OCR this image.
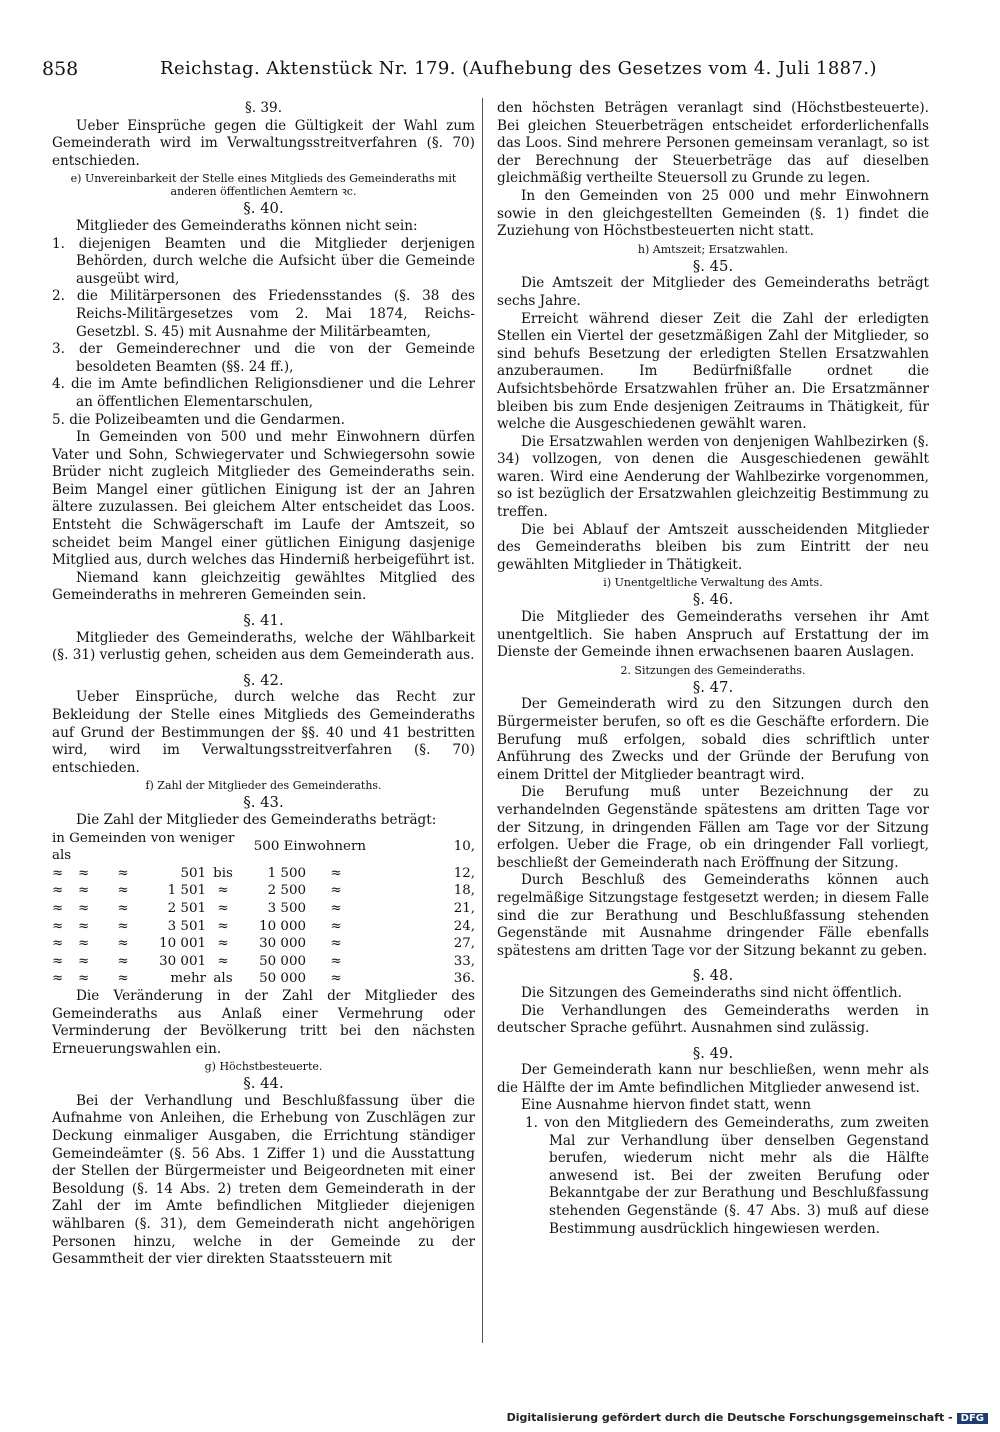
858	Reichstag. Aktenstück Nr. 179. (Aufhebung des Gesetzes vom 4. Juli 1887.)

§. 39.

Ueber Einsprüche gegen die Gültigkeit der Wahl zum Gemeinderath wird im Verwaltungsstreitverfahren (§. 70) entschieden.

e) Unvereinbarkeit der Stelle eines Mitglieds des Gemeinderaths mit anderen öffentlichen Aemtern ꝛc.

§. 40.

Mitglieder des Gemeinderaths können nicht sein:

1. diejenigen Beamten und die Mitglieder derjenigen Behörden, durch welche die Aufsicht über die Gemeinde ausgeübt wird,

2. die Militärpersonen des Friedensstandes (§. 38 des Reichs-Militärgesetzes vom 2. Mai 1874, Reichs-Gesetzbl. S. 45) mit Ausnahme der Militärbeamten,

3. der Gemeinderechner und die von der Gemeinde besoldeten Beamten (§§. 24 ff.),

4. die im Amte befindlichen Religionsdiener und die Lehrer an öffentlichen Elementarschulen,

5. die Polizeibeamten und die Gendarmen.

In Gemeinden von 500 und mehr Einwohnern dürfen Vater und Sohn, Schwiegervater und Schwiegersohn sowie Brüder nicht zugleich Mitglieder des Gemeinderaths sein. Beim Mangel einer gütlichen Einigung ist der an Jahren ältere zuzulassen. Bei gleichem Alter entscheidet das Loos. Entsteht die Schwägerschaft im Laufe der Amtszeit, so scheidet beim Mangel einer gütlichen Einigung dasjenige Mitglied aus, durch welches das Hinderniß herbeigeführt ist.

Niemand kann gleichzeitig gewähltes Mitglied des Gemeinderaths in mehreren Gemeinden sein.

§. 41.

Mitglieder des Gemeinderaths, welche der Wählbarkeit (§. 31) verlustig gehen, scheiden aus dem Gemeinderath aus.

§. 42.

Ueber Einsprüche, durch welche das Recht zur Bekleidung der Stelle eines Mitglieds des Gemeinderaths auf Grund der Bestimmungen der §§. 40 und 41 bestritten wird, wird im Verwaltungsstreitverfahren (§. 70) entschieden.

f) Zahl der Mitglieder des Gemeinderaths.

§. 43.

Die Zahl der Mitglieder des Gemeinderaths beträgt:

in Gemeinden von weniger als					500 Einwohnern		10,
≈	≈	≈	501	bis	1 500	≈	12,
≈	≈	≈	1 501	≈	2 500	≈	18,
≈	≈	≈	2 501	≈	3 500	≈	21,
≈	≈	≈	3 501	≈	10 000	≈	24,
≈	≈	≈	10 001	≈	30 000	≈	27,
≈	≈	≈	30 001	≈	50 000	≈	33,
≈	≈	≈	mehr	als	50 000	≈	36.

Die Veränderung in der Zahl der Mitglieder des Gemeinderaths aus Anlaß einer Vermehrung oder Verminderung der Bevölkerung tritt bei den nächsten Erneuerungswahlen ein.

g) Höchstbesteuerte.

§. 44.

Bei der Verhandlung und Beschlußfassung über die Aufnahme von Anleihen, die Erhebung von Zuschlägen zur Deckung einmaliger Ausgaben, die Errichtung ständiger Gemeindeämter (§. 56 Abs. 1 Ziffer 1) und die Ausstattung der Stellen der Bürgermeister und Beigeordneten mit einer Besoldung (§. 14 Abs. 2) treten dem Gemeinderath in der Zahl der im Amte befindlichen Mitglieder diejenigen wählbaren (§. 31), dem Gemeinderath nicht angehörigen Personen hinzu, welche in der Gemeinde zu der Gesammtheit der vier direkten Staatssteuern mit

den höchsten Beträgen veranlagt sind (Höchstbesteuerte). Bei gleichen Steuerbeträgen entscheidet erforderlichenfalls das Loos. Sind mehrere Personen gemeinsam veranlagt, so ist der Berechnung der Steuerbeträge das auf dieselben gleichmäßig vertheilte Steuersoll zu Grunde zu legen.

In den Gemeinden von 25 000 und mehr Einwohnern sowie in den gleichgestellten Gemeinden (§. 1) findet die Zuziehung von Höchstbesteuerten nicht statt.

h) Amtszeit; Ersatzwahlen.

§. 45.

Die Amtszeit der Mitglieder des Gemeinderaths beträgt sechs Jahre.

Erreicht während dieser Zeit die Zahl der erledigten Stellen ein Viertel der gesetzmäßigen Zahl der Mitglieder, so sind behufs Besetzung der erledigten Stellen Ersatzwahlen anzuberaumen. Im Bedürfnißfalle ordnet die Aufsichtsbehörde Ersatzwahlen früher an. Die Ersatzmänner bleiben bis zum Ende desjenigen Zeitraums in Thätigkeit, für welche die Ausgeschiedenen gewählt waren.

Die Ersatzwahlen werden von denjenigen Wahlbezirken (§. 34) vollzogen, von denen die Ausgeschiedenen gewählt waren. Wird eine Aenderung der Wahlbezirke vorgenommen, so ist bezüglich der Ersatzwahlen gleichzeitig Bestimmung zu treffen.

Die bei Ablauf der Amtszeit ausscheidenden Mitglieder des Gemeinderaths bleiben bis zum Eintritt der neu gewählten Mitglieder in Thätigkeit.

i) Unentgeltliche Verwaltung des Amts.

§. 46.

Die Mitglieder des Gemeinderaths versehen ihr Amt unentgeltlich. Sie haben Anspruch auf Erstattung der im Dienste der Gemeinde ihnen erwachsenen baaren Auslagen.

2. Sitzungen des Gemeinderaths.

§. 47.

Der Gemeinderath wird zu den Sitzungen durch den Bürgermeister berufen, so oft es die Geschäfte erfordern. Die Berufung muß erfolgen, sobald dies schriftlich unter Anführung des Zwecks und der Gründe der Berufung von einem Drittel der Mitglieder beantragt wird.

Die Berufung muß unter Bezeichnung der zu verhandelnden Gegenstände spätestens am dritten Tage vor der Sitzung, in dringenden Fällen am Tage vor der Sitzung erfolgen. Ueber die Frage, ob ein dringender Fall vorliegt, beschließt der Gemeinderath nach Eröffnung der Sitzung.

Durch Beschluß des Gemeinderaths können auch regelmäßige Sitzungstage festgesetzt werden; in diesem Falle sind die zur Berathung und Beschlußfassung stehenden Gegenstände mit Ausnahme dringender Fälle ebenfalls spätestens am dritten Tage vor der Sitzung bekannt zu geben.

§. 48.

Die Sitzungen des Gemeinderaths sind nicht öffentlich.

Die Verhandlungen des Gemeinderaths werden in deutscher Sprache geführt. Ausnahmen sind zulässig.

§. 49.

Der Gemeinderath kann nur beschließen, wenn mehr als die Hälfte der im Amte befindlichen Mitglieder anwesend ist.

Eine Ausnahme hiervon findet statt, wenn

1. von den Mitgliedern des Gemeinderaths, zum zweiten Mal zur Verhandlung über denselben Gegenstand berufen, wiederum nicht mehr als die Hälfte anwesend ist. Bei der zweiten Berufung oder Bekanntgabe der zur Berathung und Beschlußfassung stehenden Gegenstände (§. 47 Abs. 3) muß auf diese Bestimmung ausdrücklich hingewiesen werden.

Digitalisierung gefördert durch die Deutsche Forschungsgemeinschaft - DFG
